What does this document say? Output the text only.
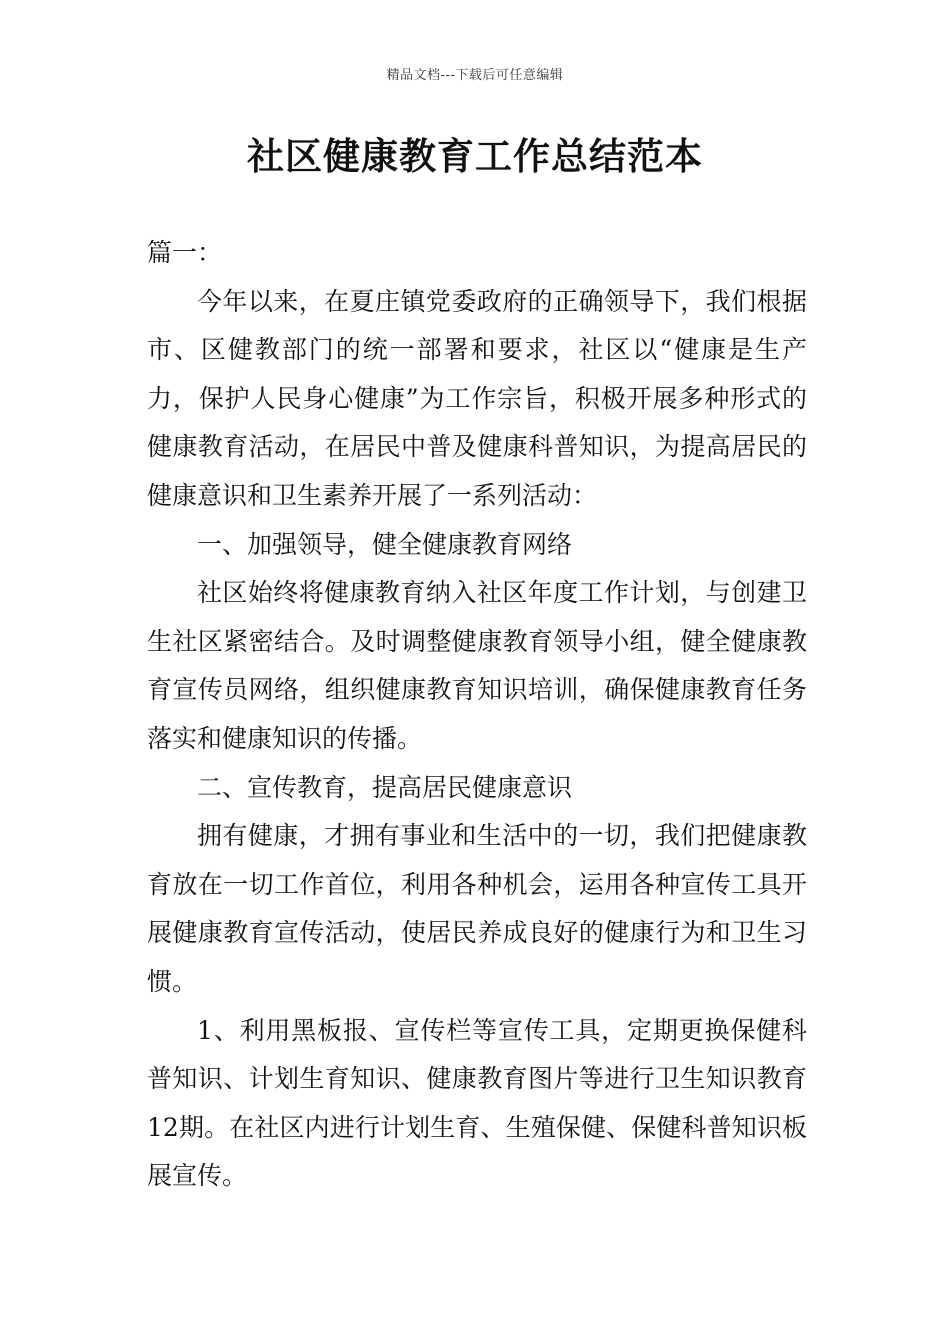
精品文档---下载后可任意编辑
社区健康教育工作总结范本

篇一：

今年以来，在夏庄镇党委政府的正确领导下，我们根据市、区健教部门的统一部署和要求，社区以“健康是生产力，保护人民身心健康”为工作宗旨，积极开展多种形式的健康教育活动，在居民中普及健康科普知识，为提高居民的健康意识和卫生素养开展了一系列活动：

一、加强领导，健全健康教育网络

社区始终将健康教育纳入社区年度工作计划，与创建卫生社区紧密结合。及时调整健康教育领导小组，健全健康教育宣传员网络，组织健康教育知识培训，确保健康教育任务落实和健康知识的传播。

二、宣传教育，提高居民健康意识

拥有健康，才拥有事业和生活中的一切，我们把健康教育放在一切工作首位，利用各种机会，运用各种宣传工具开展健康教育宣传活动，使居民养成良好的健康行为和卫生习惯。

1、利用黑板报、宣传栏等宣传工具，定期更换保健科普知识、计划生育知识、健康教育图片等进行卫生知识教育12期。在社区内进行计划生育、生殖保健、保健科普知识板展宣传。
